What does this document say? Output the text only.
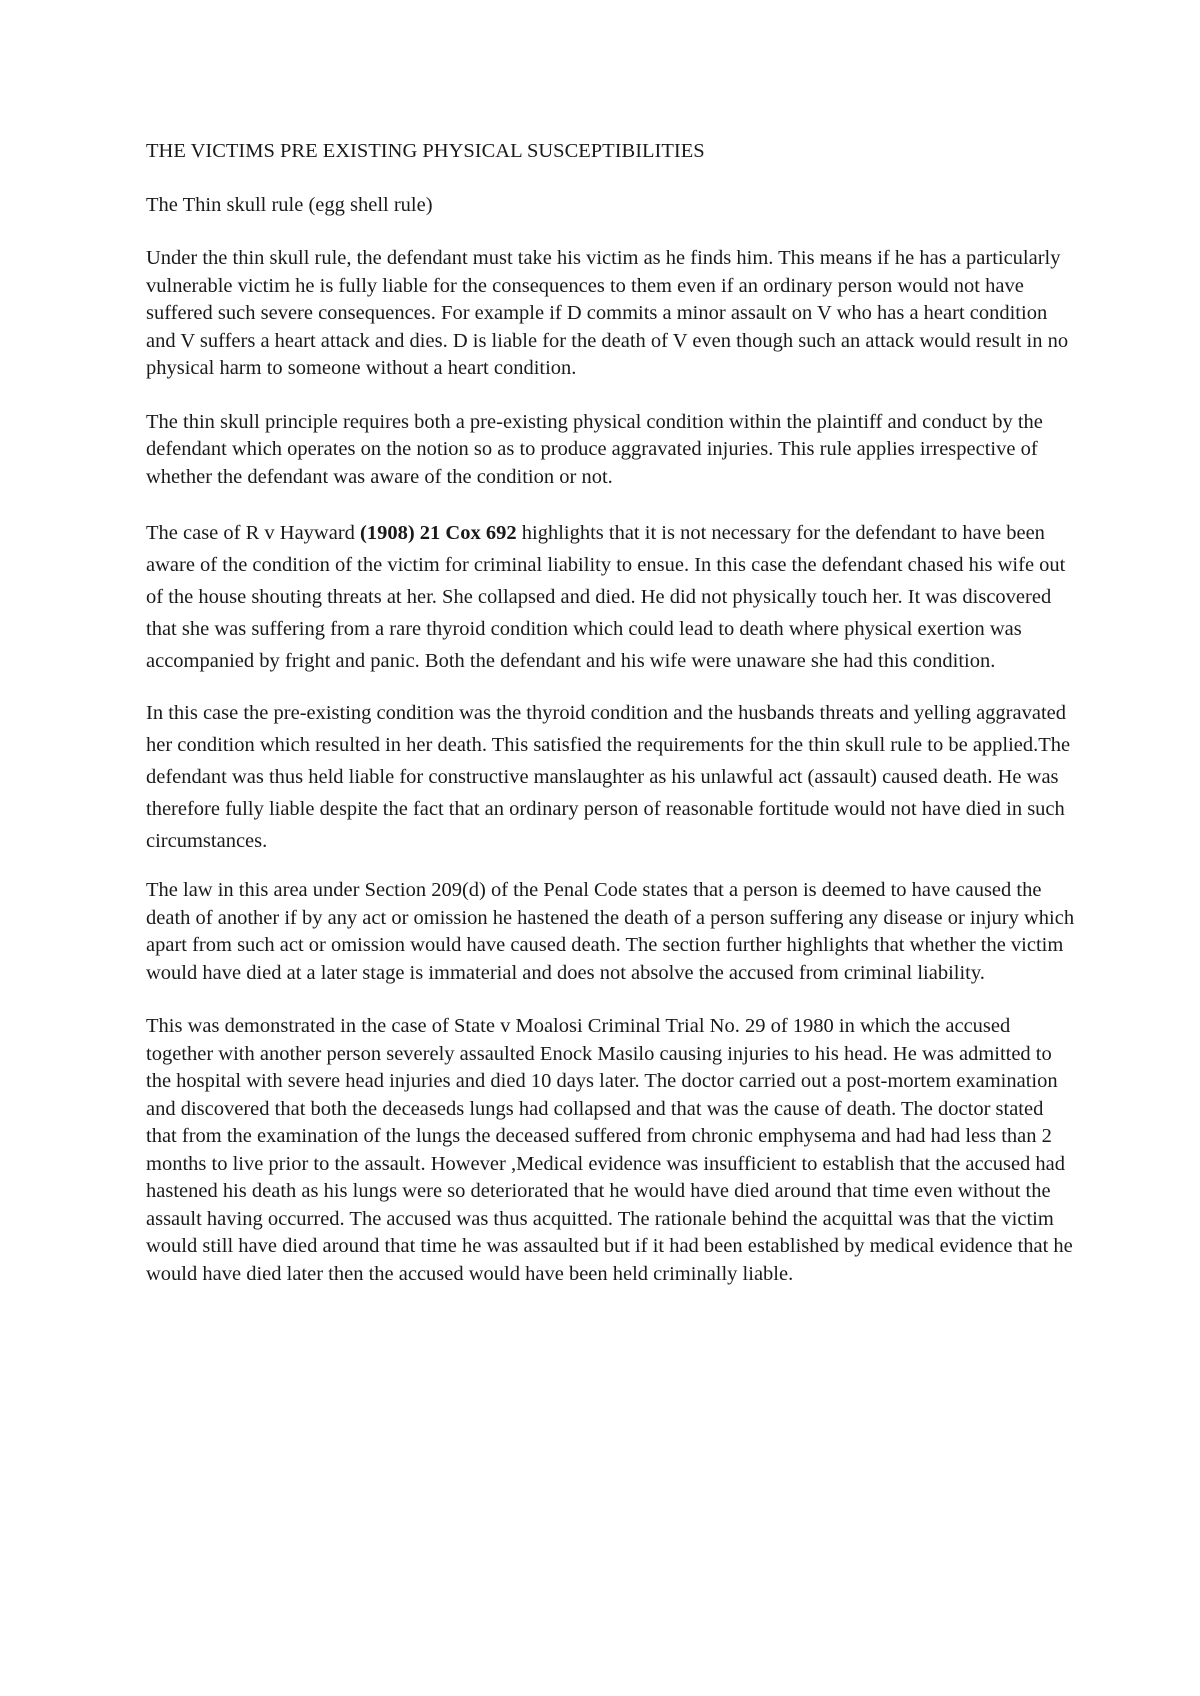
THE VICTIMS PRE EXISTING PHYSICAL SUSCEPTIBILITIES
The Thin skull rule (egg shell rule)

Under the thin skull rule, the defendant must take his victim as he finds him. This means if he has a particularly vulnerable victim he is fully liable for the consequences to them even if an ordinary person would not have suffered such severe consequences. For example if D commits a minor assault on V who has a heart condition and V suffers a heart attack and dies. D is liable for the death of V even though such an attack would result in no physical harm to someone without a heart condition.

The thin skull principle requires both a pre-existing physical condition within the plaintiff and conduct by the defendant which operates on the notion so as to produce aggravated injuries. This rule applies irrespective of whether the defendant was aware of the condition or not.

The case of R v Hayward (1908) 21 Cox 692 highlights that it is not necessary for the defendant to have been aware of the condition of the victim for criminal liability to ensue. In this case the defendant chased his wife out of the house shouting threats at her. She collapsed and died. He did not physically touch her. It was discovered that she was suffering from a rare thyroid condition which could lead to death where physical exertion was accompanied by fright and panic. Both the defendant and his wife were unaware she had this condition.

In this case the pre-existing condition was the thyroid condition and the husbands threats and yelling aggravated her condition which resulted in her death. This satisfied the requirements for the thin skull rule to be applied.The defendant was thus held liable for constructive manslaughter as his unlawful act (assault) caused death. He was therefore fully liable despite the fact that an ordinary person of reasonable fortitude would not have died in such circumstances.

The law in this area under Section 209(d) of the Penal Code states that a person is deemed to have caused the death of another if by any act or omission he hastened the death of a person suffering any disease or injury which apart from such act or omission would have caused death. The section further highlights that whether the victim would have died at a later stage is immaterial and does not absolve the accused from criminal liability.

This was demonstrated in the case of State v Moalosi Criminal Trial No. 29 of 1980 in which the accused together with another person severely assaulted Enock Masilo causing injuries to his head. He was admitted to the hospital with severe head injuries and died 10 days later. The doctor carried out a post-mortem examination and discovered that both the deceaseds lungs had collapsed and that was the cause of death. The doctor stated that from the examination of the lungs the deceased suffered from chronic emphysema and had had less than 2 months to live prior to the assault. However ,Medical evidence was insufficient to establish that the accused had hastened his death as his lungs were so deteriorated that he would have died around that time even without the assault having occurred. The accused was thus acquitted. The rationale behind the acquittal was that the victim would still have died around that time he was assaulted but if it had been established by medical evidence that he would have died later then the accused would have been held criminally liable.
